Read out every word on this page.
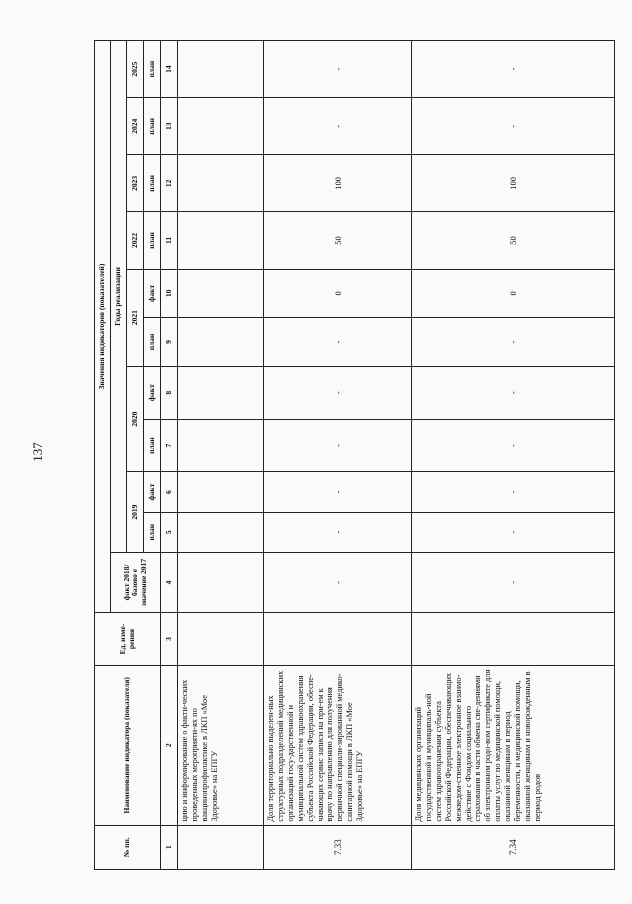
137
№ пп.	Наименование индикатора (показателя)	Ед. изме-рения	Значения индикаторов (показателей)										
			факт 2018/базово е значение 2017	Годы реализации									
				2019		2020		2021		2022	2023	2024	2025
				план	факт	план	факт	план	факт	план	план	план	план
1	2	3	4	5	6	7	8	9	10	11	12	13	14
	цию и информирование о факти-ческих проведенных мероприяти-ях по вакцинопрофилактике в ЛКП «Мое Здоровье» на ЕПГУ												
7.33	Доля территориально выделен-ных структурных подразделений медицинских организаций госу-дарственной и муниципальной систем здравоохранения субъекта Российской Федерации, обеспе-чивающих сервис записи на при-ем к врачу по направлению для получения первичной специали-зированной медико-санитарной помощи в ЛКП «Мое Здоровье» на ЕПГУ		-	-	-	-	-	-	0	50	100	-	-
7.34	Доля медицинских организаций государственной и муниципаль-ной систем здравоохранения субъекта Российской Федерации, обеспечивающих межведом-ственное электронное взаимо-действие с Фондом социального страхования в части обмена све-дениями об электронном родо-вом сертификате для оплаты услуг по медицинской помощи, оказанной женщинам в период беременности, и медицинской помощи, оказанной женщинам и новорожденным в период родов		-	-	-	-	-	-	0	50	100	-	-
